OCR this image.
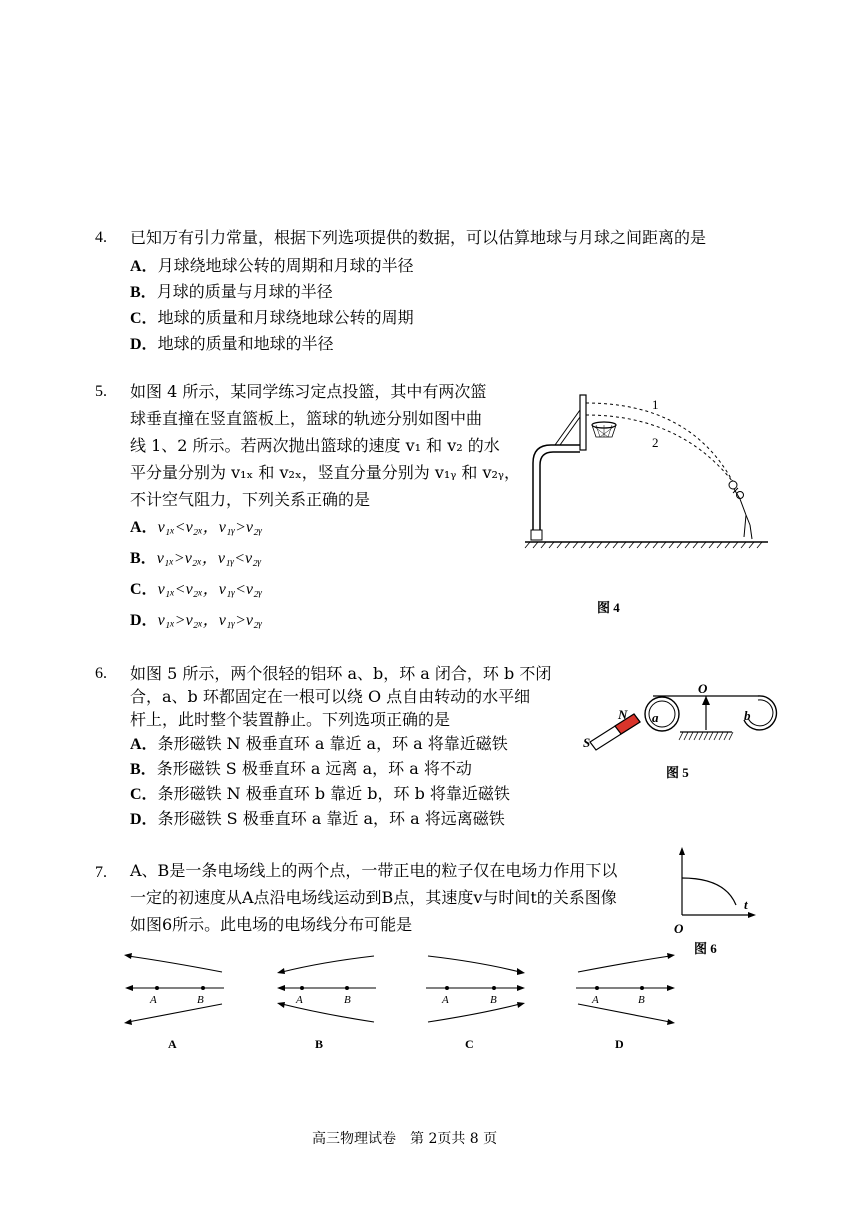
4. 已知万有引力常量，根据下列选项提供的数据，可以估算地球与月球之间距离的是
A．月球绕地球公转的周期和月球的半径
B．月球的质量与月球的半径
C．地球的质量和月球绕地球公转的周期
D．地球的质量和地球的半径
5. 如图 4 所示，某同学练习定点投篮，其中有两次篮
球垂直撞在竖直篮板上，篮球的轨迹分别如图中曲
线 1、2 所示。若两次抛出篮球的速度 v₁ 和 v₂ 的水
平分量分别为 v₁ₓ 和 v₂ₓ，竖直分量分别为 v₁ᵧ 和 v₂ᵧ，
不计空气阻力，下列关系正确的是
A．v₁ₓ<v₂ₓ，v₁ᵧ>v₂ᵧ
B．v₁ₓ>v₂ₓ，v₁ᵧ<v₂ᵧ
C．v₁ₓ<v₂ₓ，v₁ᵧ<v₂ᵧ
D．v₁ₓ>v₂ₓ，v₁ᵧ>v₂ᵧ
1
2
图 4
6. 如图 5 所示，两个很轻的铝环 a、b，环 a 闭合，环 b 不闭
合，a、b 环都固定在一根可以绕 O 点自由转动的水平细
杆上，此时整个装置静止。下列选项正确的是
A．条形磁铁 N 极垂直环 a 靠近 a，环 a 将靠近磁铁
B．条形磁铁 S 极垂直环 a 远离 a，环 a 将不动
C．条形磁铁 N 极垂直环 b 靠近 b，环 b 将靠近磁铁
D．条形磁铁 S 极垂直环 a 靠近 a，环 a 将远离磁铁
O
a	b
N
S
图 5
7. A、B是一条电场线上的两个点，一带正电的粒子仅在电场力作用下以
一定的初速度从A点沿电场线运动到B点，其速度v与时间t的关系图像
如图6所示。此电场的电场线分布可能是
t
O
图 6
A	B
A
A	B
B
A	B
C
A	B
D
高三物理试卷　第 2页共 8 页
